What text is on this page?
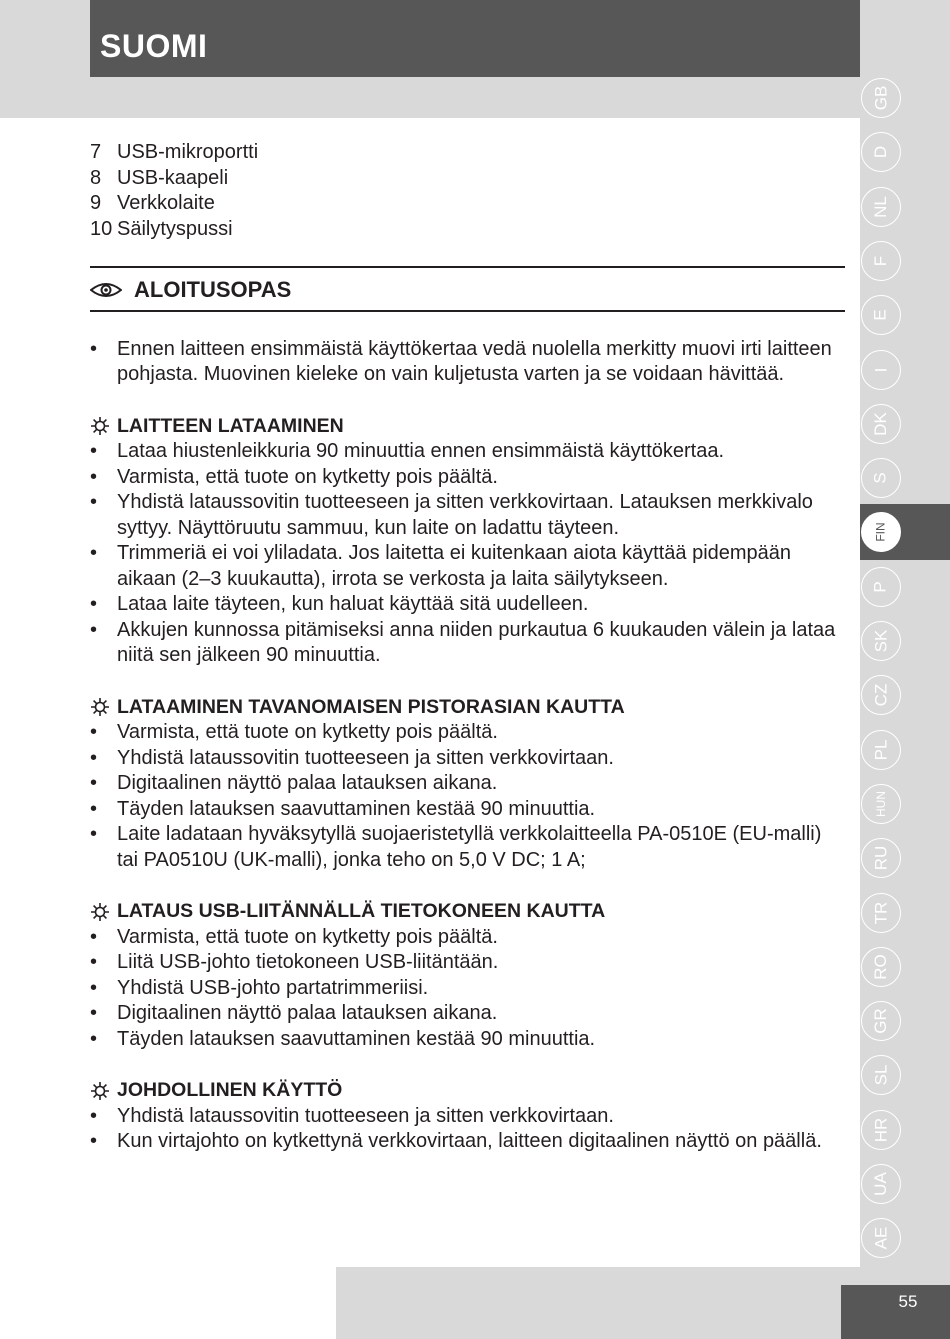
SUOMI
GB
D
NL
F
E
I
DK
S
FIN
P
SK
CZ
PL
HUN
RU
TR
RO
GR
SL
HR
UA
AE
55
7 USB-mikroportti
8 USB-kaapeli
9 Verkkolaite
10 Säilytyspussi
ALOITUSOPAS
• Ennen laitteen ensimmäistä käyttökertaa vedä nuolella merkitty muovi irti laitteen pohjasta. Muovinen kieleke on vain kuljetusta varten ja se voidaan hävittää.
LAITTEEN LATAAMINEN
• Lataa hiustenleikkuria 90 minuuttia ennen ensimmäistä käyttökertaa.
• Varmista, että tuote on kytketty pois päältä.
• Yhdistä lataussovitin tuotteeseen ja sitten verkkovirtaan. Latauksen merkkivalo syttyy. Näyttöruutu sammuu, kun laite on ladattu täyteen.
• Trimmeriä ei voi yliladata. Jos laitetta ei kuitenkaan aiota käyttää pidempään aikaan (2–3 kuukautta), irrota se verkosta ja laita säilytykseen.
• Lataa laite täyteen, kun haluat käyttää sitä uudelleen.
• Akkujen kunnossa pitämiseksi anna niiden purkautua 6 kuukauden välein ja lataa niitä sen jälkeen 90 minuuttia.
LATAAMINEN TAVANOMAISEN PISTORASIAN KAUTTA
• Varmista, että tuote on kytketty pois päältä.
• Yhdistä lataussovitin tuotteeseen ja sitten verkkovirtaan.
• Digitaalinen näyttö palaa latauksen aikana.
• Täyden latauksen saavuttaminen kestää 90 minuuttia.
• Laite ladataan hyväksytyllä suojaeristetyllä verkkolaitteella PA-0510E (EU-malli) tai PA0510U (UK-malli), jonka teho on 5,0 V DC; 1 A;
LATAUS USB-LIITÄNNÄLLÄ TIETOKONEEN KAUTTA
• Varmista, että tuote on kytketty pois päältä.
• Liitä USB-johto tietokoneen USB-liitäntään.
• Yhdistä USB-johto partatrimmeriisi.
• Digitaalinen näyttö palaa latauksen aikana.
• Täyden latauksen saavuttaminen kestää 90 minuuttia.
JOHDOLLINEN KÄYTTÖ
• Yhdistä lataussovitin tuotteeseen ja sitten verkkovirtaan.
• Kun virtajohto on kytkettynä verkkovirtaan, laitteen digitaalinen näyttö on päällä.
